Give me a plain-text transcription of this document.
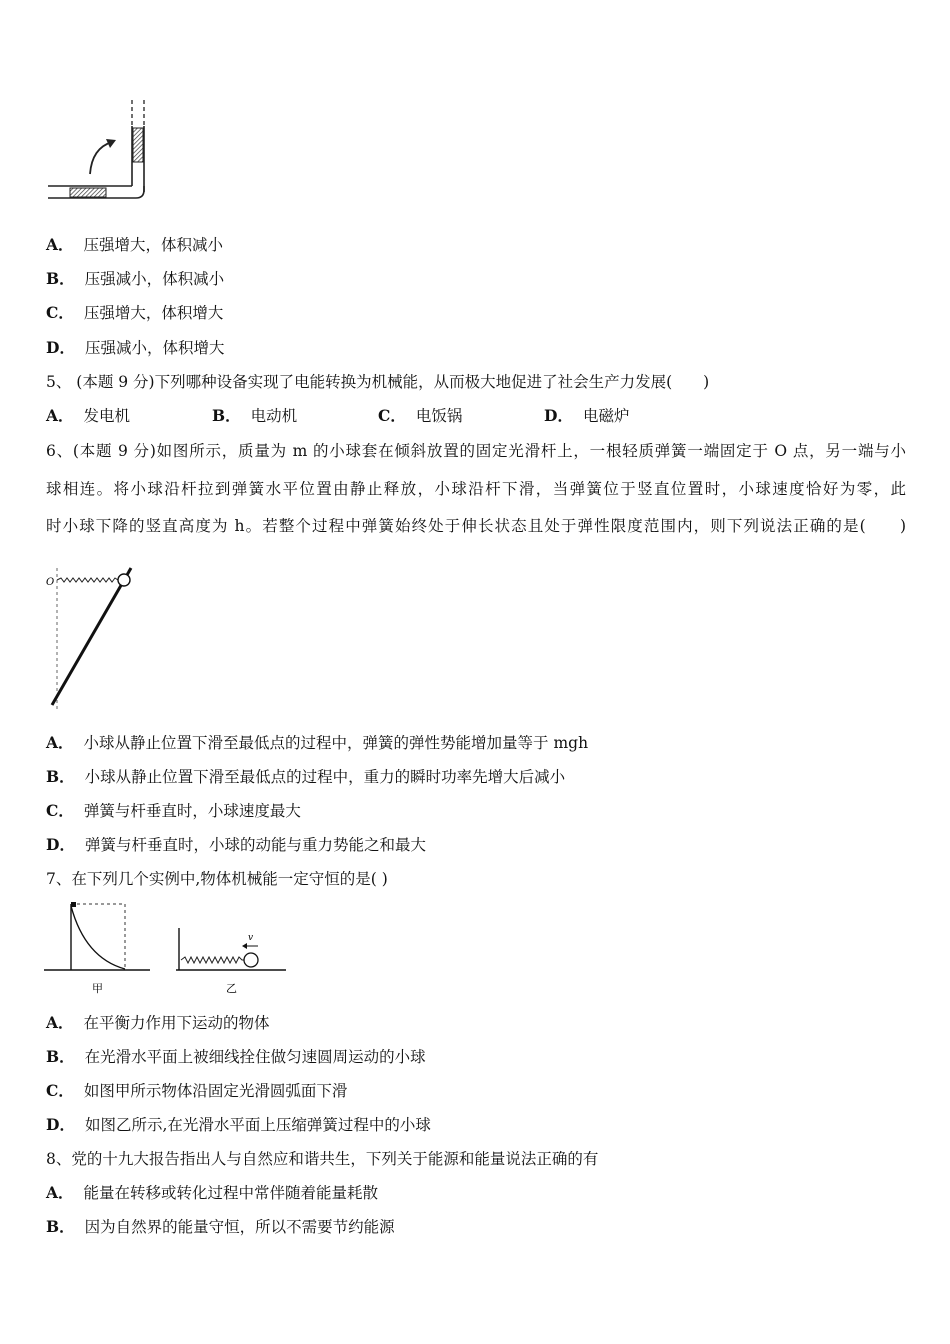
A． 压强增大，体积减小
B． 压强减小，体积减小
C． 压强增大，体积增大
D． 压强减小，体积增大
5、 (本题 9 分)下列哪种设备实现了电能转换为机械能，从而极大地促进了社会生产力发展(　　)
A． 发电机	B． 电动机	C． 电饭锅	D． 电磁炉
6、(本题 9 分)如图所示，质量为 m 的小球套在倾斜放置的固定光滑杆上，一根轻质弹簧一端固定于 O 点，另一端与小
球相连。将小球沿杆拉到弹簧水平位置由静止释放，小球沿杆下滑，当弹簧位于竖直位置时，小球速度恰好为零，此
时小球下降的竖直高度为 h。若整个过程中弹簧始终处于伸长状态且处于弹性限度范围内，则下列说法正确的是(　　)
O
A． 小球从静止位置下滑至最低点的过程中，弹簧的弹性势能增加量等于 mgh
B． 小球从静止位置下滑至最低点的过程中，重力的瞬时功率先增大后减小
C． 弹簧与杆垂直时，小球速度最大
D． 弹簧与杆垂直时，小球的动能与重力势能之和最大
7、在下列几个实例中,物体机械能一定守恒的是( )
甲
v
乙
A． 在平衡力作用下运动的物体
B． 在光滑水平面上被细线拴住做匀速圆周运动的小球
C． 如图甲所示物体沿固定光滑圆弧面下滑
D． 如图乙所示,在光滑水平面上压缩弹簧过程中的小球
8、党的十九大报告指出人与自然应和谐共生，下列关于能源和能量说法正确的有
A． 能量在转移或转化过程中常伴随着能量耗散
B． 因为自然界的能量守恒，所以不需要节约能源
